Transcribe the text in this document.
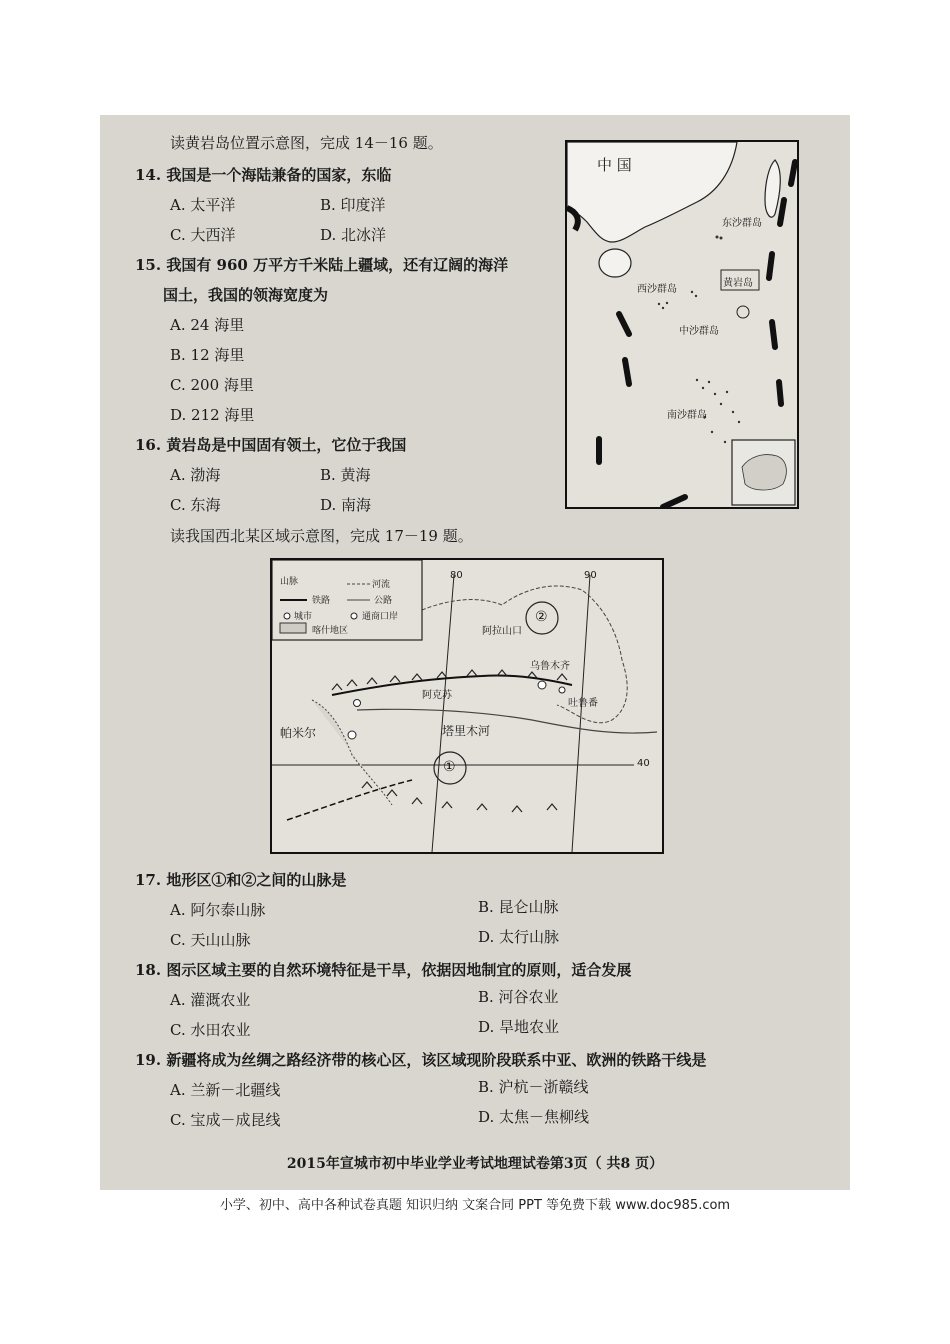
读黄岩岛位置示意图，完成 14－16 题。
14. 我国是一个海陆兼备的国家，东临
A. 太平洋	B. 印度洋
C. 大西洋	D. 北冰洋
15. 我国有 960 万平方千米陆上疆域，还有辽阔的海洋
国土，我国的领海宽度为
A. 24 海里
B. 12 海里
C. 200 海里
D. 212 海里
16. 黄岩岛是中国固有领土，它位于我国
A. 渤海	B. 黄海
C. 东海	D. 南海
读我国西北某区域示意图，完成 17－19 题。
中 国
东沙群岛
西沙群岛
黄岩岛
中沙群岛
南沙群岛
山脉	河流
铁路	公路
城市	通商口岸
喀什地区
80	90
40
阿拉山口
乌鲁木齐
阿克苏
吐鲁番
塔里木河
帕米尔
①
②
17. 地形区①和②之间的山脉是
A. 阿尔泰山脉	B. 昆仑山脉
C. 天山山脉	D. 太行山脉
18. 图示区域主要的自然环境特征是干旱，依据因地制宜的原则，适合发展
A. 灌溉农业	B. 河谷农业
C. 水田农业	D. 旱地农业
19. 新疆将成为丝绸之路经济带的核心区，该区域现阶段联系中亚、欧洲的铁路干线是
A. 兰新－北疆线	B. 沪杭－浙赣线
C. 宝成－成昆线	D. 太焦－焦柳线
2015年宣城市初中毕业学业考试地理试卷第3页（ 共8 页）
小学、初中、高中各种试卷真题 知识归纳 文案合同 PPT 等免费下载 www.doc985.com
